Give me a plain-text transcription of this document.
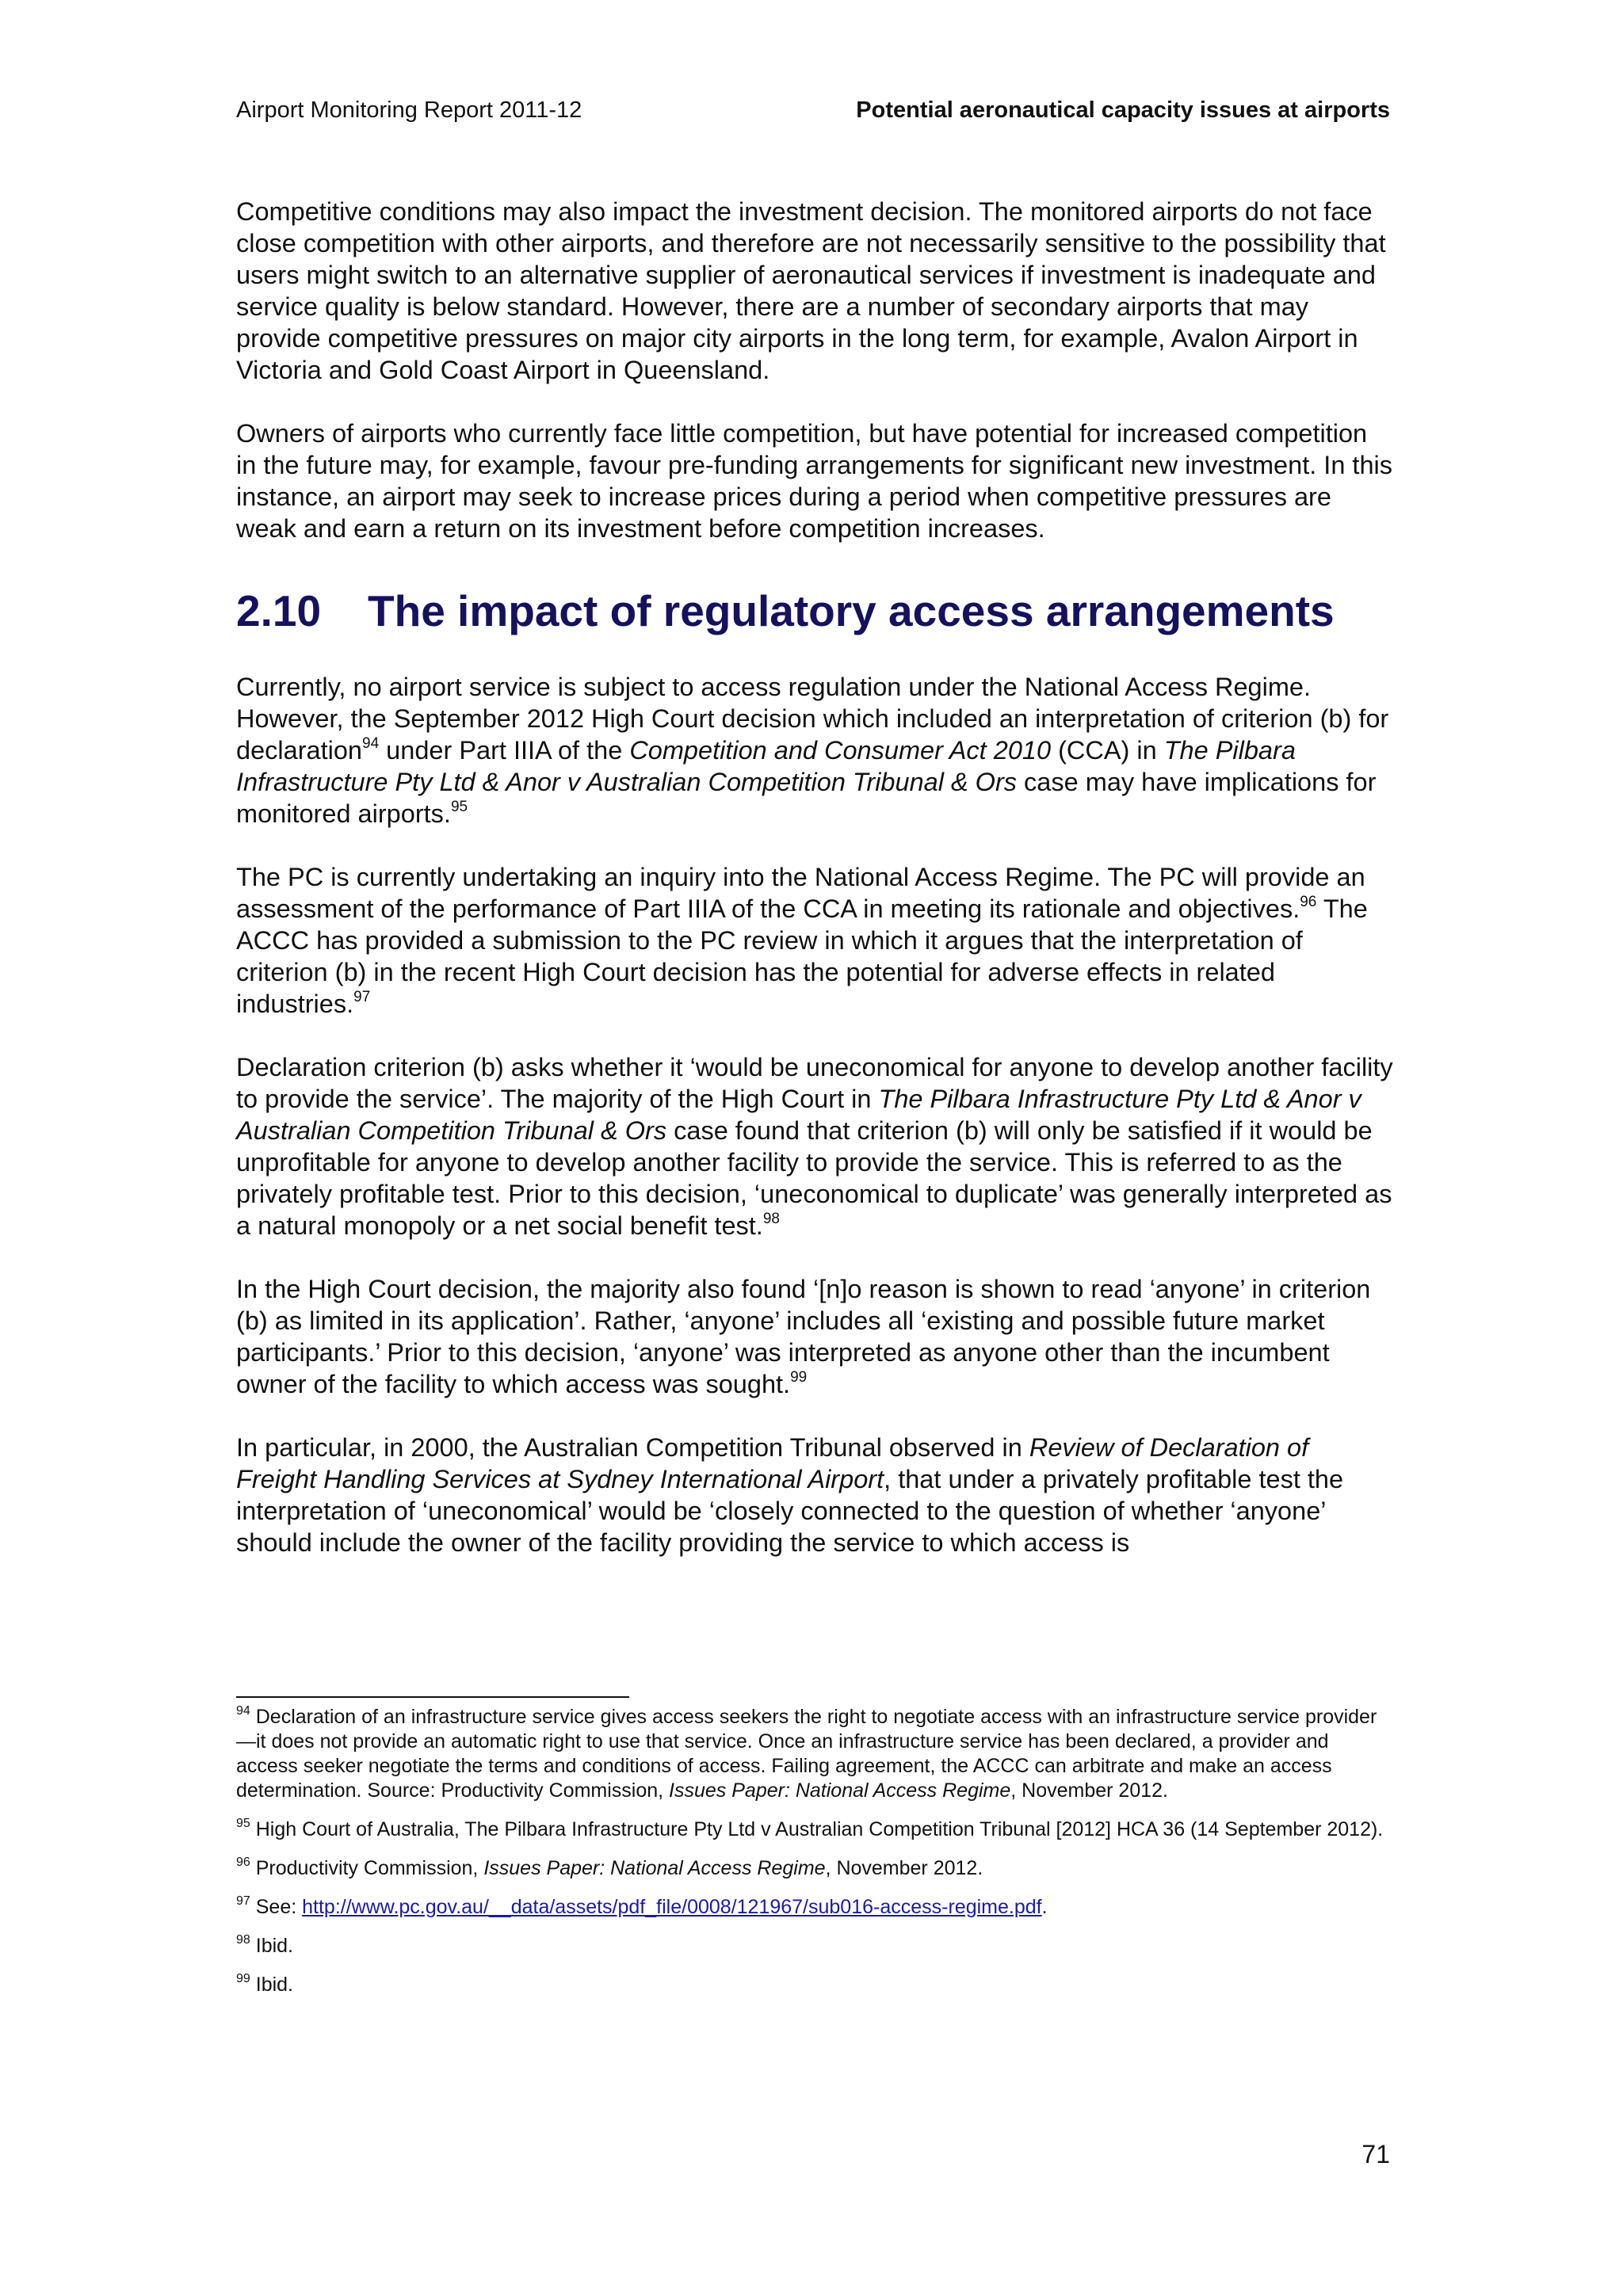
Airport Monitoring Report 2011-12	Potential aeronautical capacity issues at airports

Competitive conditions may also impact the investment decision. The monitored airports do not face close competition with other airports, and therefore are not necessarily sensitive to the possibility that users might switch to an alternative supplier of aeronautical services if investment is inadequate and service quality is below standard. However, there are a number of secondary airports that may provide competitive pressures on major city airports in the long term, for example, Avalon Airport in Victoria and Gold Coast Airport in Queensland.

Owners of airports who currently face little competition, but have potential for increased competition in the future may, for example, favour pre-funding arrangements for significant new investment. In this instance, an airport may seek to increase prices during a period when competitive pressures are weak and earn a return on its investment before competition increases.

2.10	The impact of regulatory access arrangements

Currently, no airport service is subject to access regulation under the National Access Regime. However, the September 2012 High Court decision which included an interpretation of criterion (b) for declaration$^{94}$ under Part IIIA of the Competition and Consumer Act 2010 (CCA) in The Pilbara Infrastructure Pty Ltd & Anor v Australian Competition Tribunal & Ors case may have implications for monitored airports.$^{95}$

The PC is currently undertaking an inquiry into the National Access Regime. The PC will provide an assessment of the performance of Part IIIA of the CCA in meeting its rationale and objectives.$^{96}$ The ACCC has provided a submission to the PC review in which it argues that the interpretation of criterion (b) in the recent High Court decision has the potential for adverse effects in related industries.$^{97}$

Declaration criterion (b) asks whether it ‘would be uneconomical for anyone to develop another facility to provide the service’. The majority of the High Court in The Pilbara Infrastructure Pty Ltd & Anor v Australian Competition Tribunal & Ors case found that criterion (b) will only be satisfied if it would be unprofitable for anyone to develop another facility to provide the service. This is referred to as the privately profitable test. Prior to this decision, ‘uneconomical to duplicate’ was generally interpreted as a natural monopoly or a net social benefit test.$^{98}$

In the High Court decision, the majority also found ‘[n]o reason is shown to read ‘anyone’ in criterion (b) as limited in its application’. Rather, ‘anyone’ includes all ‘existing and possible future market participants.’ Prior to this decision, ‘anyone’ was interpreted as anyone other than the incumbent owner of the facility to which access was sought.$^{99}$

In particular, in 2000, the Australian Competition Tribunal observed in Review of Declaration of Freight Handling Services at Sydney International Airport, that under a privately profitable test the interpretation of ‘uneconomical’ would be ‘closely connected to the question of whether ‘anyone’ should include the owner of the facility providing the service to which access is

$^{94}$ Declaration of an infrastructure service gives access seekers the right to negotiate access with an infrastructure service provider—it does not provide an automatic right to use that service. Once an infrastructure service has been declared, a provider and access seeker negotiate the terms and conditions of access. Failing agreement, the ACCC can arbitrate and make an access determination. Source: Productivity Commission, Issues Paper: National Access Regime, November 2012.

$^{95}$ High Court of Australia, The Pilbara Infrastructure Pty Ltd v Australian Competition Tribunal [2012] HCA 36 (14 September 2012).

$^{96}$ Productivity Commission, Issues Paper: National Access Regime, November 2012.

$^{97}$ See: http://www.pc.gov.au/__data/assets/pdf_file/0008/121967/sub016-access-regime.pdf.

$^{98}$ Ibid.

$^{99}$ Ibid.

71
